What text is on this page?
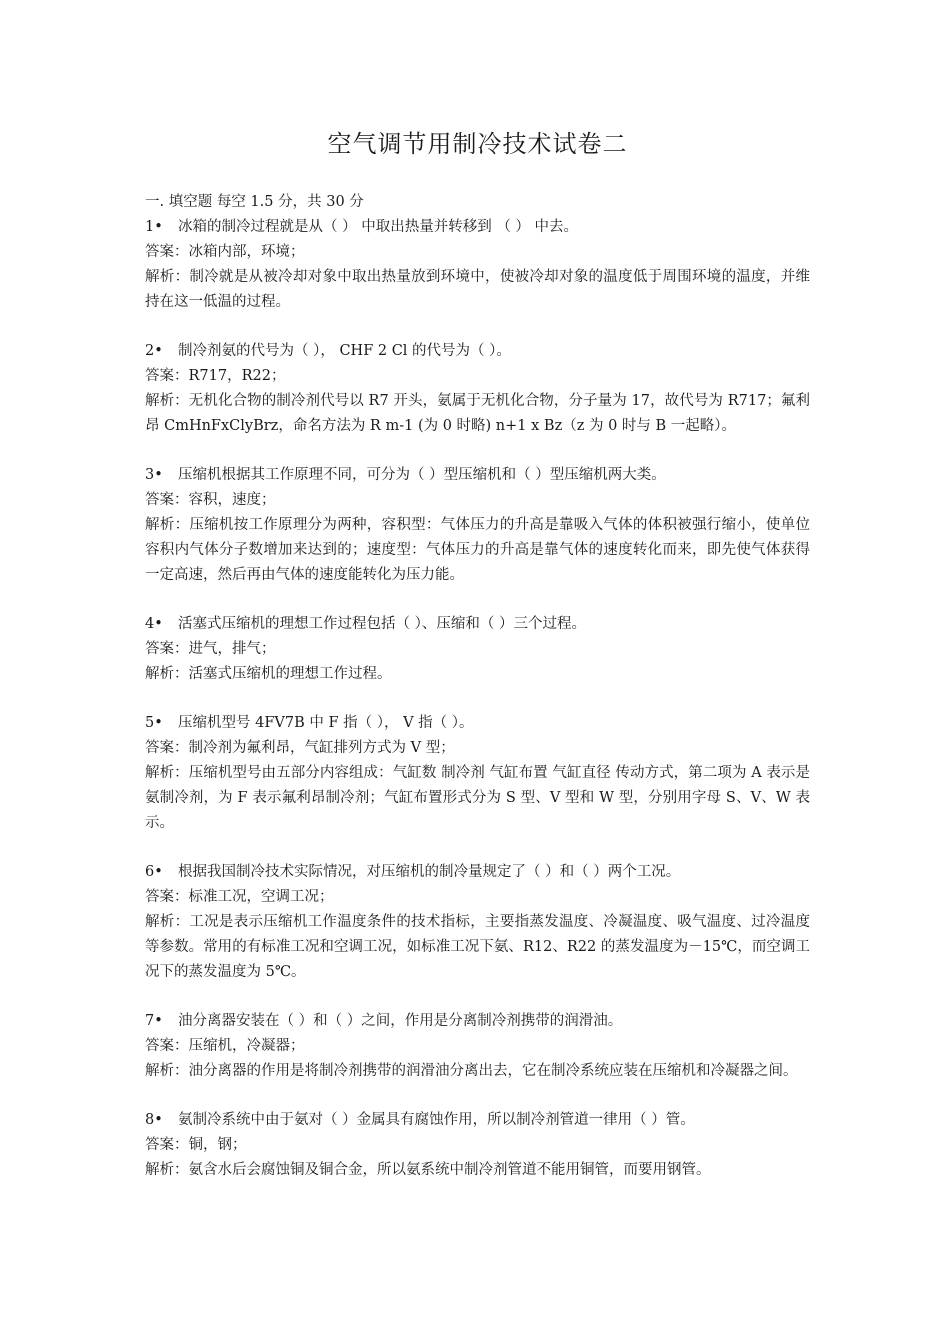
空气调节用制冷技术试卷二
一. 填空题 每空 1.5 分，共 30 分
1• 冰箱的制冷过程就是从（ ） 中取出热量并转移到 （ ） 中去。
答案：冰箱内部，环境；
解析：制冷就是从被冷却对象中取出热量放到环境中，使被冷却对象的温度低于周围环境的温度，并维持在这一低温的过程。
2• 制冷剂氨的代号为（ ）， CHF 2 Cl 的代号为（ ）。
答案：R717，R22；
解析：无机化合物的制冷剂代号以 R7 开头，氨属于无机化合物，分子量为 17，故代号为 R717；氟利昂 CmHnFxClyBrz，命名方法为 R m-1 (为 0 时略) n+1 x Bz（z 为 0 时与 B 一起略）。
3• 压缩机根据其工作原理不同，可分为（ ）型压缩机和（ ）型压缩机两大类。
答案：容积，速度；
解析：压缩机按工作原理分为两种，容积型：气体压力的升高是靠吸入气体的体积被强行缩小，使单位容积内气体分子数增加来达到的；速度型：气体压力的升高是靠气体的速度转化而来，即先使气体获得一定高速，然后再由气体的速度能转化为压力能。
4• 活塞式压缩机的理想工作过程包括（ ）、压缩和（ ）三个过程。
答案：进气，排气；
解析：活塞式压缩机的理想工作过程。
5• 压缩机型号 4FV7B 中 F 指（ ）， V 指（ ）。
答案：制冷剂为氟利昂，气缸排列方式为 V 型；
解析：压缩机型号由五部分内容组成：气缸数 制冷剂 气缸布置 气缸直径 传动方式，第二项为 A 表示是氨制冷剂，为 F 表示氟利昂制冷剂；气缸布置形式分为 S 型、V 型和 W 型，分别用字母 S、V、W 表示。
6• 根据我国制冷技术实际情况，对压缩机的制冷量规定了（ ）和（ ）两个工况。
答案：标准工况，空调工况；
解析：工况是表示压缩机工作温度条件的技术指标，主要指蒸发温度、冷凝温度、吸气温度、过冷温度等参数。常用的有标准工况和空调工况，如标准工况下氨、R12、R22 的蒸发温度为－15℃，而空调工况下的蒸发温度为 5℃。
7• 油分离器安装在（ ）和（ ）之间，作用是分离制冷剂携带的润滑油。
答案：压缩机，冷凝器；
解析：油分离器的作用是将制冷剂携带的润滑油分离出去，它在制冷系统应装在压缩机和冷凝器之间。
8• 氨制冷系统中由于氨对（ ）金属具有腐蚀作用，所以制冷剂管道一律用（ ）管。
答案：铜，钢；
解析：氨含水后会腐蚀铜及铜合金，所以氨系统中制冷剂管道不能用铜管，而要用钢管。
